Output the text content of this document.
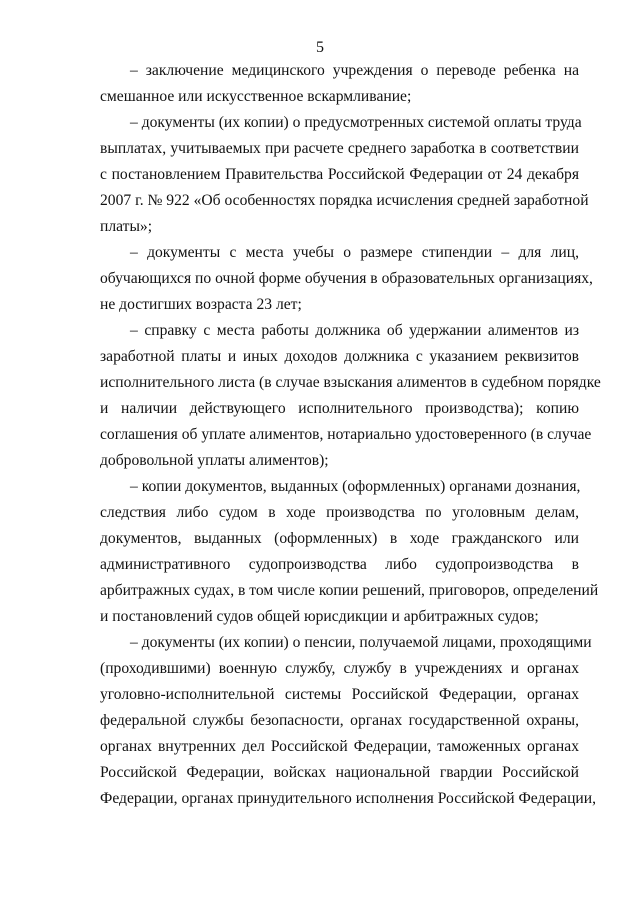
5
– заключение медицинского учреждения о переводе ребенка на
смешанное или искусственное вскармливание;
– документы (их копии) о предусмотренных системой оплаты труда
выплатах, учитываемых при расчете среднего заработка в соответствии
с постановлением Правительства Российской Федерации от 24 декабря
2007 г. № 922 «Об особенностях порядка исчисления средней заработной
платы»;
– документы с места учебы о размере стипендии – для лиц,
обучающихся по очной форме обучения в образовательных организациях,
не достигших возраста 23 лет;
– справку с места работы должника об удержании алиментов из
заработной платы и иных доходов должника с указанием реквизитов
исполнительного листа (в случае взыскания алиментов в судебном порядке
и наличии действующего исполнительного производства); копию
соглашения об уплате алиментов, нотариально удостоверенного (в случае
добровольной уплаты алиментов);
– копии документов, выданных (оформленных) органами дознания,
следствия либо судом в ходе производства по уголовным делам,
документов, выданных (оформленных) в ходе гражданского или
административного судопроизводства либо судопроизводства в
арбитражных судах, в том числе копии решений, приговоров, определений
и постановлений судов общей юрисдикции и арбитражных судов;
– документы (их копии) о пенсии, получаемой лицами, проходящими
(проходившими) военную службу, службу в учреждениях и органах
уголовно-исполнительной системы Российской Федерации, органах
федеральной службы безопасности, органах государственной охраны,
органах внутренних дел Российской Федерации, таможенных органах
Российской Федерации, войсках национальной гвардии Российской
Федерации, органах принудительного исполнения Российской Федерации,
